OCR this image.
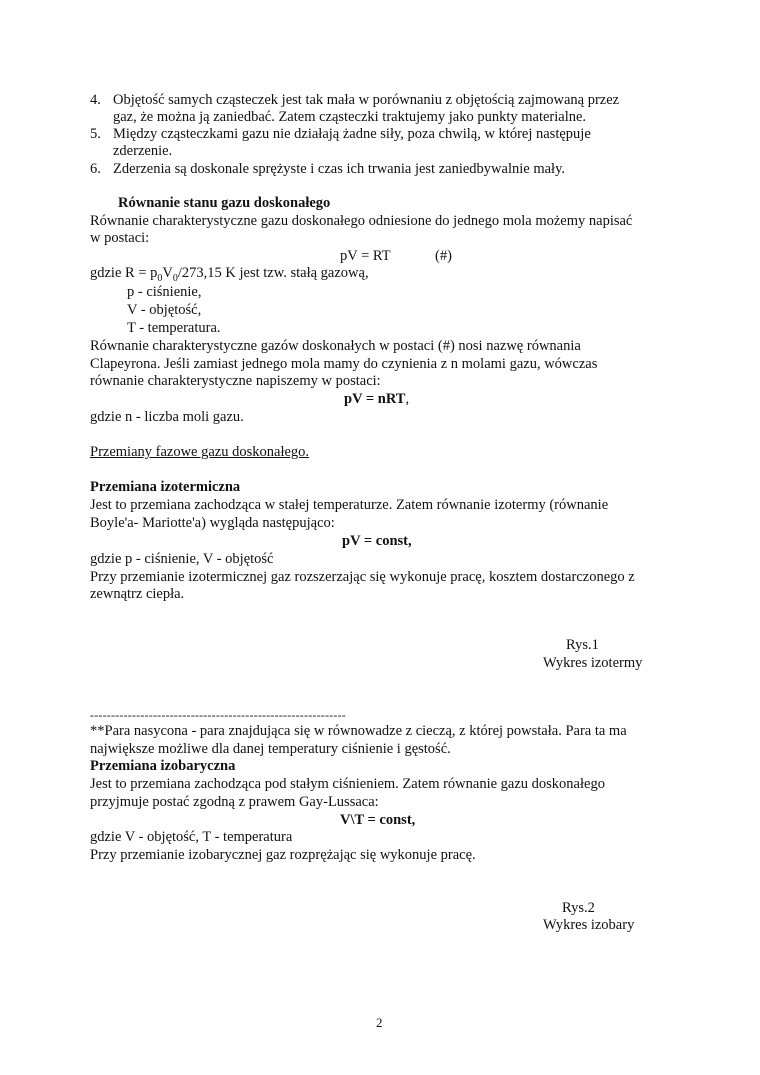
4. Objętość samych cząsteczek jest tak mała w porównaniu z objętością zajmowaną przez
gaz, że można ją zaniedbać. Zatem cząsteczki traktujemy jako punkty materialne.
5. Między cząsteczkami gazu nie działają żadne siły, poza chwilą, w której następuje
zderzenie.
6. Zderzenia są doskonale sprężyste i czas ich trwania jest zaniedbywalnie mały.
Równanie stanu gazu doskonałego
Równanie charakterystyczne gazu doskonałego odniesione do jednego mola możemy napisać
w postaci:
pV = RT	(#)
gdzie $R = p_0V_0/273,15$ K jest tzw. stałą gazową,
p - ciśnienie,
V - objętość,
T - temperatura.
Równanie charakterystyczne gazów doskonałych w postaci (#) nosi nazwę równania
Clapeyrona. Jeśli zamiast jednego mola mamy do czynienia z n molami gazu, wówczas
równanie charakterystyczne napiszemy w postaci:
pV = nRT,
gdzie n - liczba moli gazu.
Przemiany fazowe gazu doskonałego.
Przemiana izotermiczna
Jest to przemiana zachodząca w stałej temperaturze. Zatem równanie izotermy (równanie
Boyle'a- Mariotte'a) wygląda następująco:
pV = const,
gdzie p - ciśnienie, V - objętość
Przy przemianie izotermicznej gaz rozszerzając się wykonuje pracę, kosztem dostarczonego z
zewnątrz ciepła.
Rys.1
Wykres izotermy
-------------------------------------------------------------
**Para nasycona - para znajdująca się w równowadze z cieczą, z której powstała. Para ta ma
największe możliwe dla danej temperatury ciśnienie i gęstość.
Przemiana izobaryczna
Jest to przemiana zachodząca pod stałym ciśnieniem. Zatem równanie gazu doskonałego
przyjmuje postać zgodną z prawem Gay-Lussaca:
V\T = const,
gdzie V - objętość, T - temperatura
Przy przemianie izobarycznej gaz rozprężając się wykonuje pracę.
Rys.2
Wykres izobary
2
